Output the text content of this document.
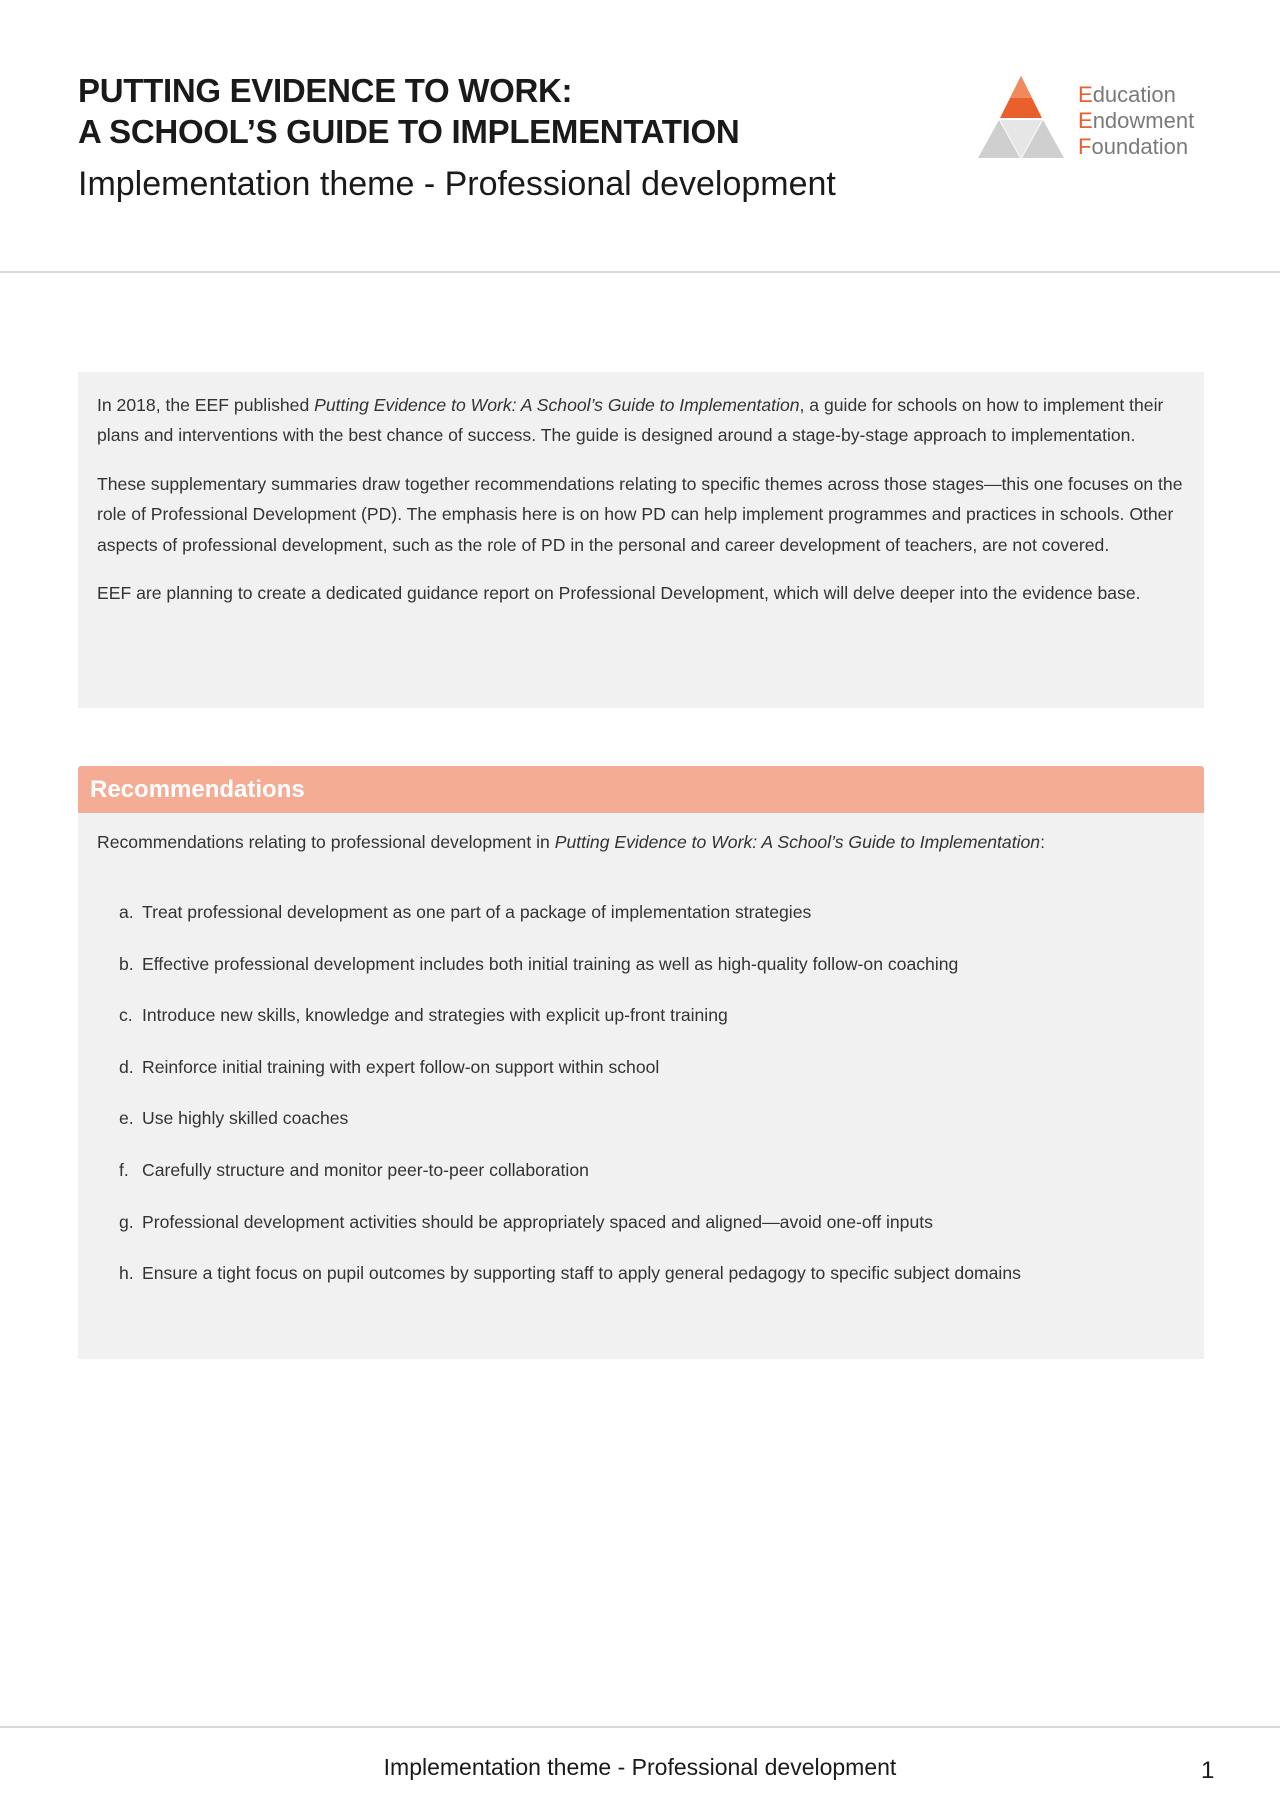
PUTTING EVIDENCE TO WORK:
A SCHOOL’S GUIDE TO IMPLEMENTATION
Implementation theme - Professional development
Education
Endowment
Foundation

In 2018, the EEF published Putting Evidence to Work: A School’s Guide to Implementation, a guide for schools on how to implement their plans and interventions with the best chance of success. The guide is designed around a stage-by-stage approach to implementation.

These supplementary summaries draw together recommendations relating to specific themes across those stages—this one focuses on the role of Professional Development (PD). The emphasis here is on how PD can help implement programmes and practices in schools. Other aspects of professional development, such as the role of PD in the personal and career development of teachers, are not covered.

EEF are planning to create a dedicated guidance report on Professional Development, which will delve deeper into the evidence base.

Recommendations

Recommendations relating to professional development in Putting Evidence to Work: A School’s Guide to Implementation:

a. Treat professional development as one part of a package of implementation strategies
b. Effective professional development includes both initial training as well as high-quality follow-on coaching
c. Introduce new skills, knowledge and strategies with explicit up-front training
d. Reinforce initial training with expert follow-on support within school
e. Use highly skilled coaches
f. Carefully structure and monitor peer-to-peer collaboration
g. Professional development activities should be appropriately spaced and aligned—avoid one-off inputs
h. Ensure a tight focus on pupil outcomes by supporting staff to apply general pedagogy to specific subject domains
Implementation theme - Professional development	1
